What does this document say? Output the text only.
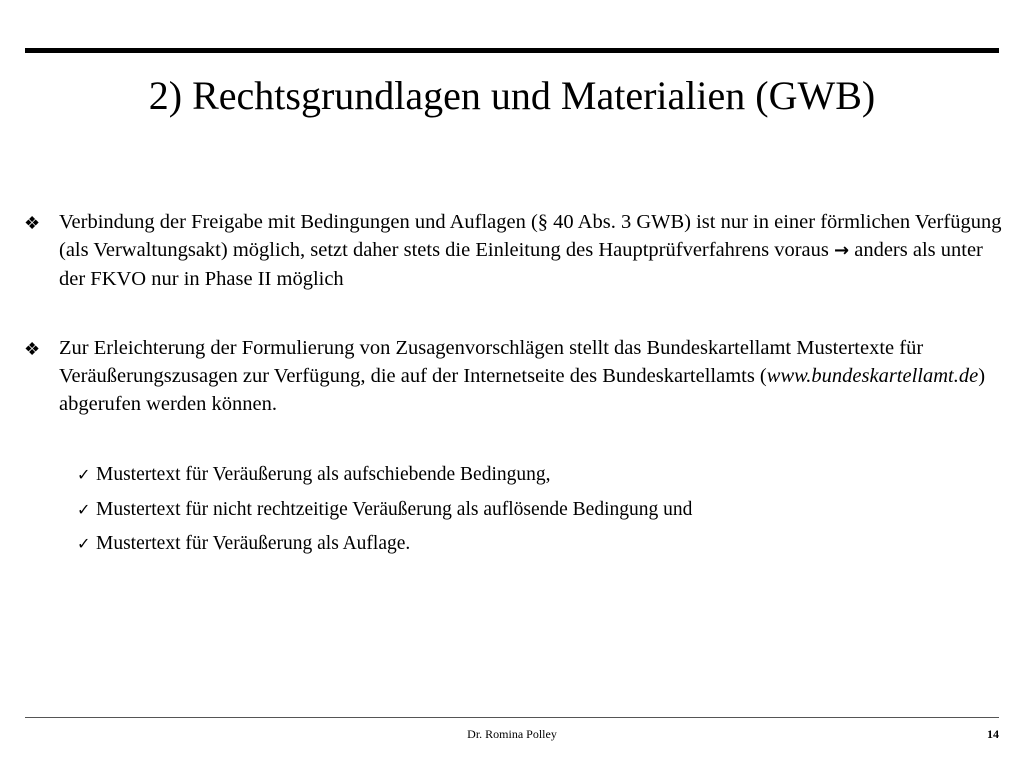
2) Rechtsgrundlagen und Materialien (GWB)
❖ Verbindung der Freigabe mit Bedingungen und Auflagen (§ 40 Abs. 3 GWB) ist nur in einer förmlichen Verfügung (als Verwaltungsakt) möglich, setzt daher stets die Einleitung des Hauptprüfverfahrens voraus → anders als unter der FKVO nur in Phase II möglich
❖ Zur Erleichterung der Formulierung von Zusagenvorschlägen stellt das Bundeskartellamt Mustertexte für Veräußerungszusagen zur Verfügung, die auf der Internetseite des Bundeskartellamts (www.bundeskartellamt.de) abgerufen werden können.
✓ Mustertext für Veräußerung als aufschiebende Bedingung,
✓ Mustertext für nicht rechtzeitige Veräußerung als auflösende Bedingung und
✓ Mustertext für Veräußerung als Auflage.
Dr. Romina Polley	14
